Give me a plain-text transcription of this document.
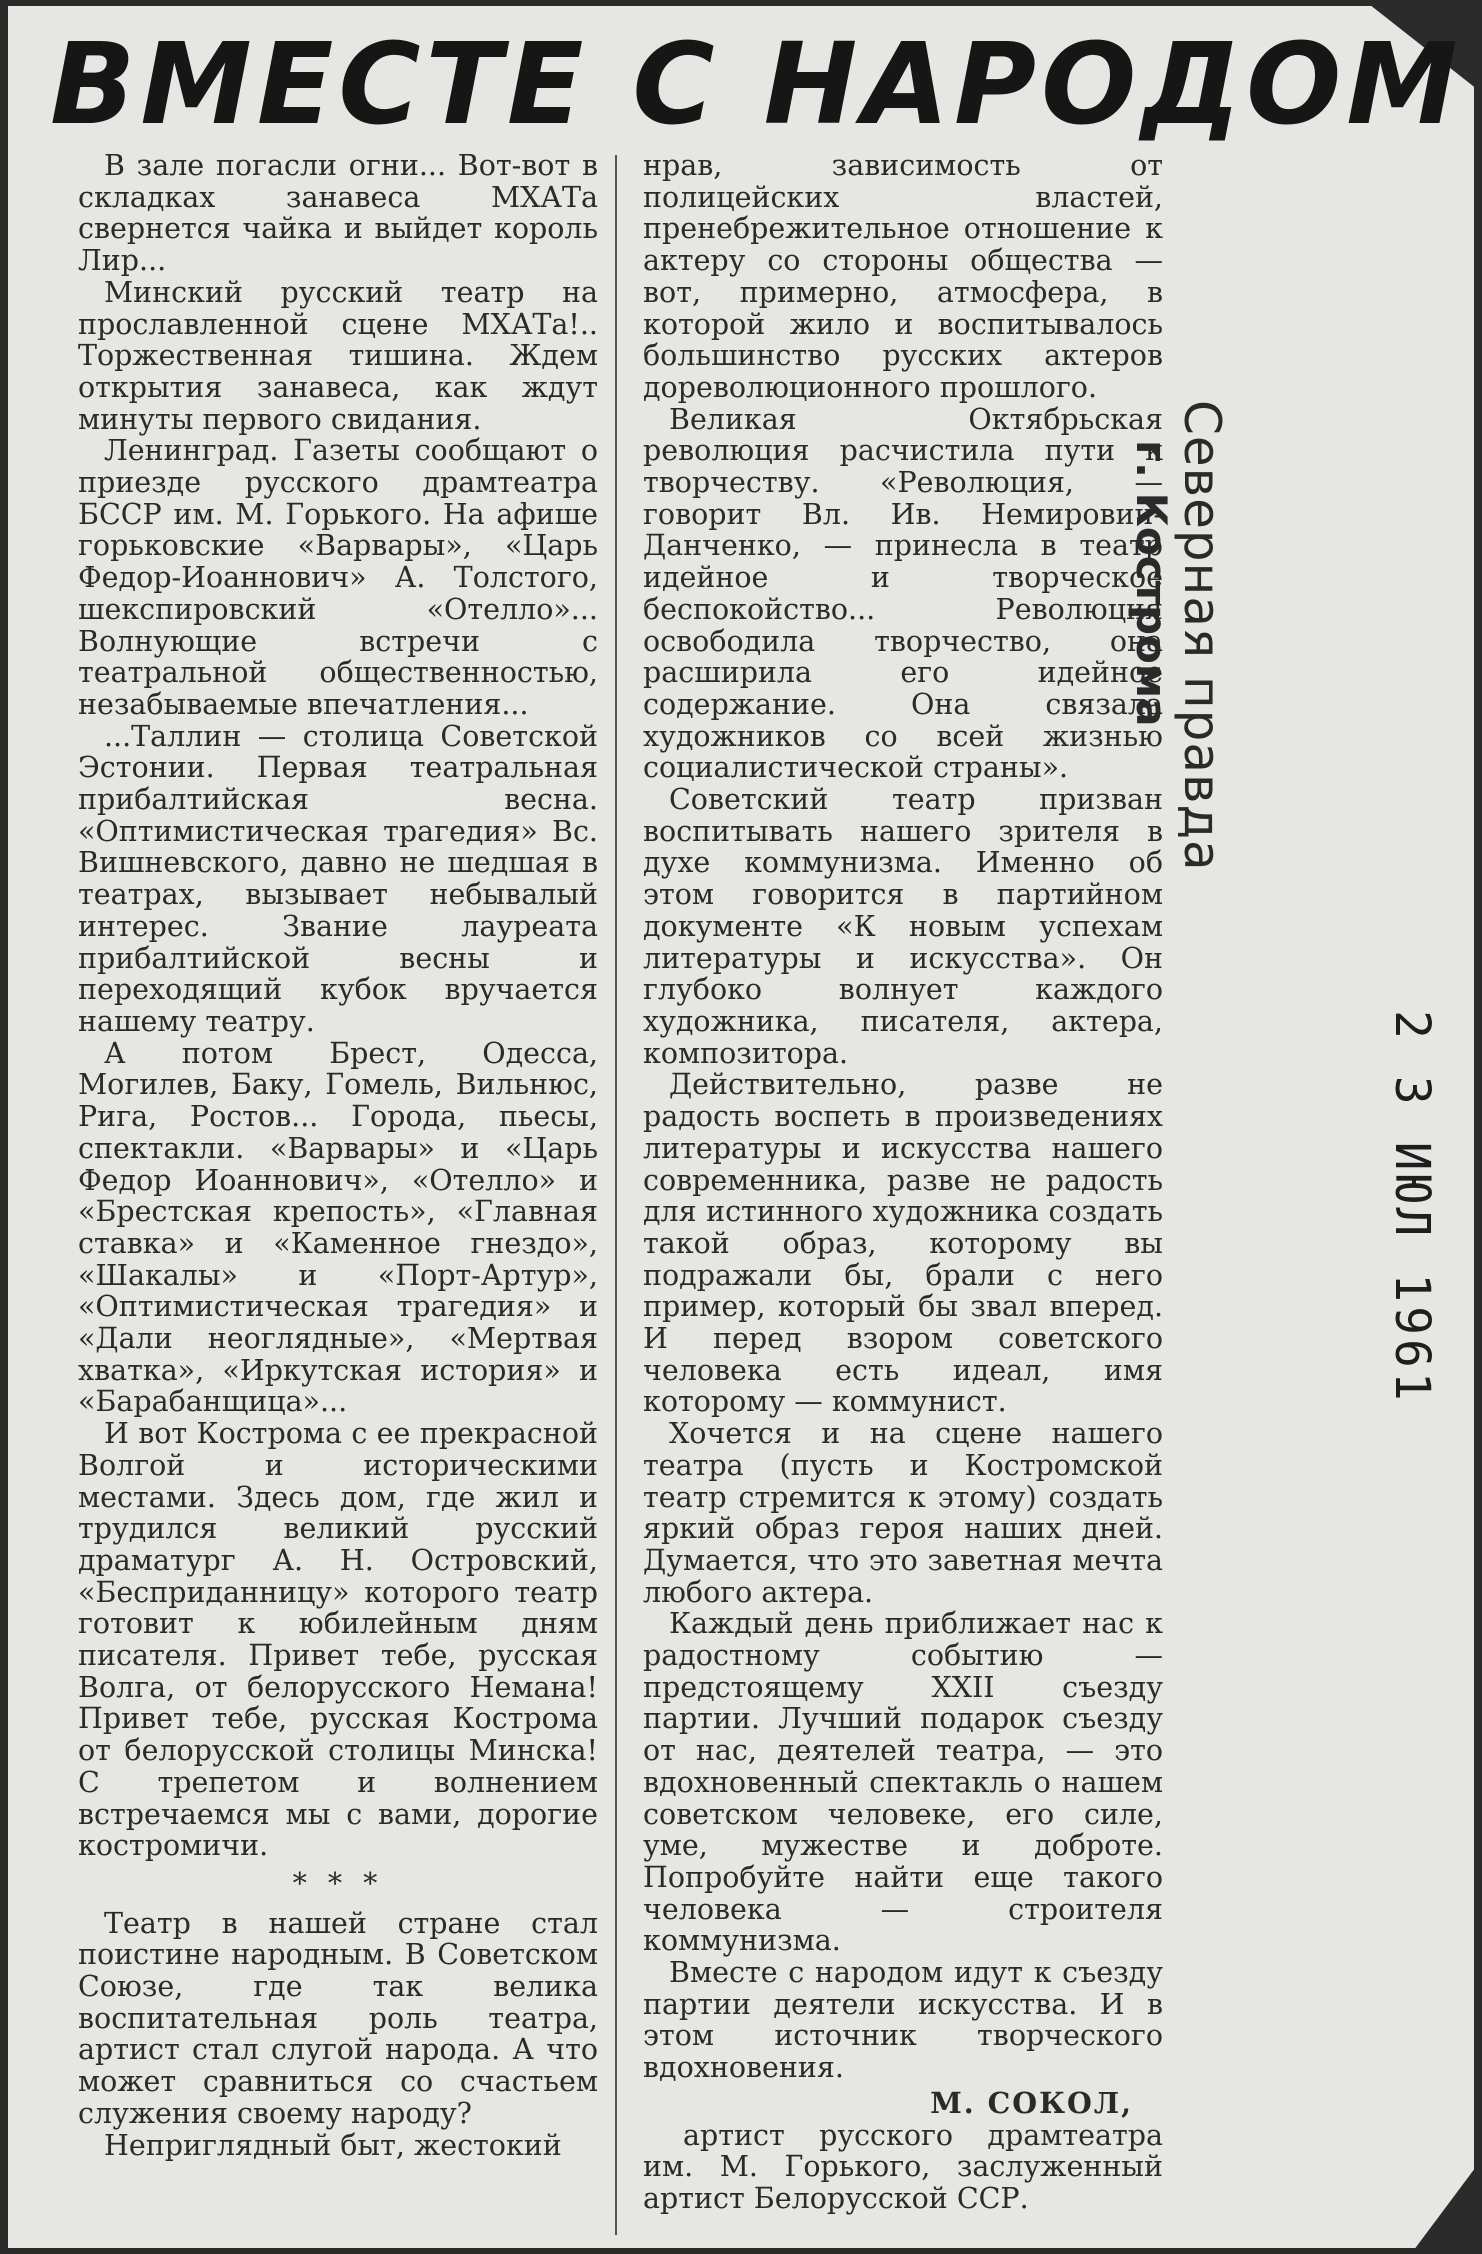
ВМЕСТЕ С НАРОДОМ

В зале погасли огни... Вот-вот в складках занавеса МХАТа свернется чайка и выйдет король Лир...

Минский русский театр на прославленной сцене МХАТа!.. Торжественная тишина. Ждем открытия занавеса, как ждут минуты первого свидания.

Ленинград. Газеты сообщают о приезде русского драмтеатра БССР им. М. Горького. На афише горьковские «Варвары», «Царь Федор-Иоаннович» А. Толстого, шекспировский «Отелло»... Волнующие встречи с театральной общественностью, незабываемые впечатления...

...Таллин — столица Советской Эстонии. Первая театральная прибалтийская весна. «Оптимистическая трагедия» Вс. Вишневского, давно не шедшая в театрах, вызывает небывалый интерес. Звание лауреата прибалтийской весны и переходящий кубок вручается нашему театру.

А потом Брест, Одесса, Могилев, Баку, Гомель, Вильнюс, Рига, Ростов... Города, пьесы, спектакли. «Варвары» и «Царь Федор Иоаннович», «Отелло» и «Брестская крепость», «Главная ставка» и «Каменное гнездо», «Шакалы» и «Порт-Артур», «Оптимистическая трагедия» и «Дали неоглядные», «Мертвая хватка», «Иркутская история» и «Барабанщица»...

И вот Кострома с ее прекрасной Волгой и историческими местами. Здесь дом, где жил и трудился великий русский драматург А. Н. Островский, «Бесприданницу» которого театр готовит к юбилейным дням писателя. Привет тебе, русская Волга, от белорусского Немана! Привет тебе, русская Кострома от белорусской столицы Минска! С трепетом и волнением встречаемся мы с вами, дорогие костромичи.

* * *

Театр в нашей стране стал поистине народным. В Советском Союзе, где так велика воспитательная роль театра, артист стал слугой народа. А что может сравниться со счастьем служения своему народу?

Неприглядный быт, жестокий

нрав, зависимость от полицейских властей, пренебрежительное отношение к актеру со стороны общества — вот, примерно, атмосфера, в которой жило и воспитывалось большинство русских актеров дореволюционного прошлого.

Великая Октябрьская революция расчистила пути к творчеству. «Революция, — говорит Вл. Ив. Немирович-Данченко, — принесла в театр идейное и творческое беспокойство... Революция освободила творчество, она расширила его идейное содержание. Она связала художников со всей жизнью социалистической страны».

Советский театр призван воспитывать нашего зрителя в духе коммунизма. Именно об этом говорится в партийном документе «К новым успехам литературы и искусства». Он глубоко волнует каждого художника, писателя, актера, композитора.

Действительно, разве не радость воспеть в произведениях литературы и искусства нашего современника, разве не радость для истинного художника создать такой образ, которому вы подражали бы, брали с него пример, который бы звал вперед. И перед взором советского человека есть идеал, имя которому — коммунист.

Хочется и на сцене нашего театра (пусть и Костромской театр стремится к этому) создать яркий образ героя наших дней. Думается, что это заветная мечта любого актера.

Каждый день приближает нас к радостному событию — предстоящему XXII съезду партии. Лучший подарок съезду от нас, деятелей театра, — это вдохновенный спектакль о нашем советском человеке, его силе, уме, мужестве и доброте. Попробуйте найти еще такого человека — строителя коммунизма.

Вместе с народом идут к съезду партии деятели искусства. И в этом источник творческого вдохновения.

М. СОКОЛ,

артист русского драмтеатра им. М. Горького, заслуженный артист Белорусской ССР.

Северная правда
г. Кострома
2 3 ИЮЛ 1961
